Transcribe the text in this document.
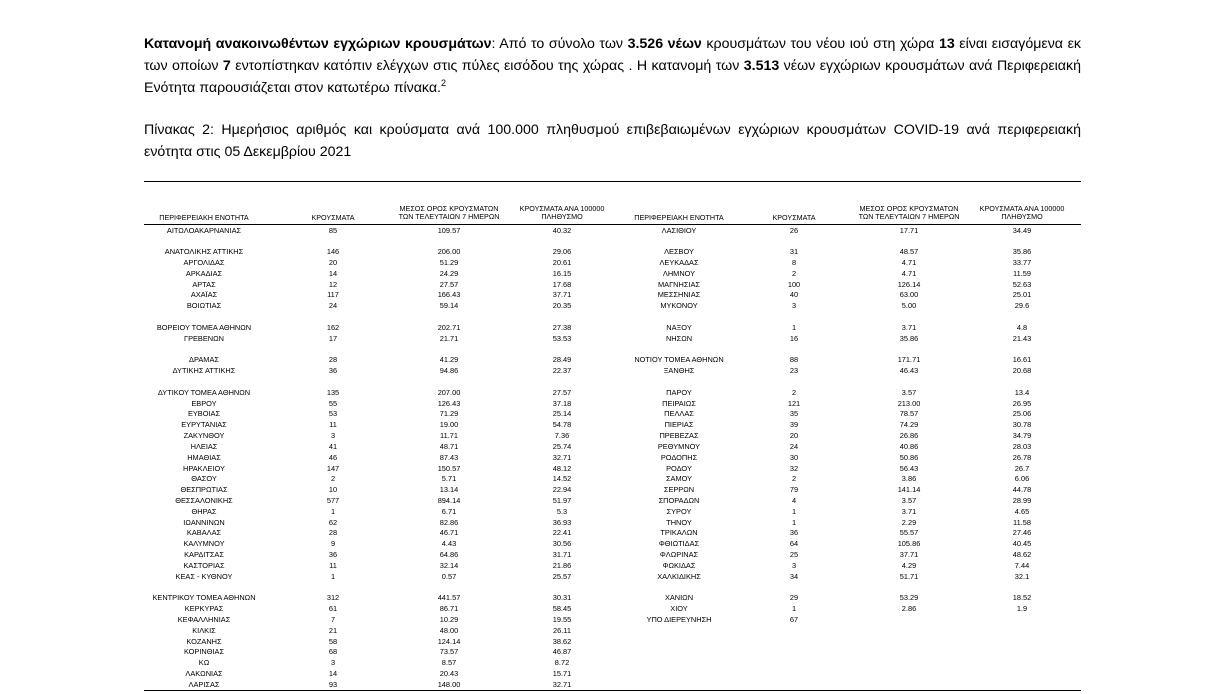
Κατανομή ανακοινωθέντων εγχώριων κρουσμάτων: Από το σύνολο των 3.526 νέων κρουσμάτων του νέου ιού στη χώρα 13 είναι εισαγόμενα εκ των οποίων 7 εντοπίστηκαν κατόπιν ελέγχων στις πύλες εισόδου της χώρας . Η κατανομή των 3.513 νέων εγχώριων κρουσμάτων ανά Περιφερειακή Ενότητα παρουσιάζεται στον κατωτέρω πίνακα.$^2$

Πίνακας 2: Ημερήσιος αριθμός και κρούσματα ανά 100.000 πληθυσμού επιβεβαιωμένων εγχώριων κρουσμάτων COVID-19 ανά περιφερειακή ενότητα στις 05 Δεκεμβρίου 2021

ΠΕΡΙΦΕΡΕΙΑΚΗ ΕΝΟΤΗΤΑ	ΚΡΟΥΣΜΑΤΑ
ΜΕΣΟΣ ΟΡΟΣ ΚΡΟΥΣΜΑΤΩΝ
ΤΩΝ ΤΕΛΕΥΤΑΙΩΝ 7 ΗΜΕΡΩΝ
ΚΡΟΥΣΜΑΤΑ ΑΝΑ 100000
ΠΛΗΘΥΣΜΟ	ΠΕΡΙΦΕΡΕΙΑΚΗ ΕΝΟΤΗΤΑ	ΚΡΟΥΣΜΑΤΑ
ΜΕΣΟΣ ΟΡΟΣ ΚΡΟΥΣΜΑΤΩΝ
ΤΩΝ ΤΕΛΕΥΤΑΙΩΝ 7 ΗΜΕΡΩΝ
ΚΡΟΥΣΜΑΤΑ ΑΝΑ 100000
ΠΛΗΘΥΣΜΟ
ΑΙΤΩΛΟΑΚΑΡΝΑΝΙΑΣ	85	109.57	40.32
ΑΝΑΤΟΛΙΚΗΣ ΑΤΤΙΚΗΣ	146	206.00	29.06
ΑΡΓΟΛΙΔΑΣ	20	51.29	20.61
ΑΡΚΑΔΙΑΣ	14	24.29	16.15
ΑΡΤΑΣ	12	27.57	17.68
ΑΧΑΪΑΣ	117	166.43	37.71
ΒΟΙΩΤΙΑΣ	24	59.14	20.35
ΒΟΡΕΙΟΥ ΤΟΜΕΑ ΑΘΗΝΩΝ	162	202.71	27.38
ΓΡΕΒΕΝΩΝ	17	21.71	53.53
ΔΡΑΜΑΣ	28	41.29	28.49
ΔΥΤΙΚΗΣ ΑΤΤΙΚΗΣ	36	94.86	22.37
ΔΥΤΙΚΟΥ ΤΟΜΕΑ ΑΘΗΝΩΝ	135	207.00	27.57
ΕΒΡΟΥ	55	126.43	37.18
ΕΥΒΟΙΑΣ	53	71.29	25.14
ΕΥΡΥΤΑΝΙΑΣ	11	19.00	54.78
ΖΑΚΥΝΘΟΥ	3	11.71	7.36
ΗΛΕΙΑΣ	41	48.71	25.74
ΗΜΑΘΙΑΣ	46	87.43	32.71
ΗΡΑΚΛΕΙΟΥ	147	150.57	48.12
ΘΑΣΟΥ	2	5.71	14.52
ΘΕΣΠΡΩΤΙΑΣ	10	13.14	22.94
ΘΕΣΣΑΛΟΝΙΚΗΣ	577	894.14	51.97
ΘΗΡΑΣ	1	6.71	5.3
ΙΩΑΝΝΙΝΩΝ	62	82.86	36.93
ΚΑΒΑΛΑΣ	28	46.71	22.41
ΚΑΛΥΜΝΟΥ	9	4.43	30.56
ΚΑΡΔΙΤΣΑΣ	36	64.86	31.71
ΚΑΣΤΟΡΙΑΣ	11	32.14	21.86
ΚΕΑΣ - ΚΥΘΝΟΥ	1	0.57	25.57
ΚΕΝΤΡΙΚΟΥ ΤΟΜΕΑ ΑΘΗΝΩΝ	312	441.57	30.31
ΚΕΡΚΥΡΑΣ	61	86.71	58.45
ΚΕΦΑΛΛΗΝΙΑΣ	7	10.29	19.55
ΚΙΛΚΙΣ	21	48.00	26.11
ΚΟΖΑΝΗΣ	58	124.14	38.62
ΚΟΡΙΝΘΙΑΣ	68	73.57	46.87
ΚΩ	3	8.57	8.72
ΛΑΚΩΝΙΑΣ	14	20.43	15.71
ΛΑΡΙΣΑΣ	93	148.00	32.71
ΛΑΣΙΘΙΟΥ	26	17.71	34.49
ΛΕΣΒΟΥ	31	48.57	35.86
ΛΕΥΚΑΔΑΣ	8	4.71	33.77
ΛΗΜΝΟΥ	2	4.71	11.59
ΜΑΓΝΗΣΙΑΣ	100	126.14	52.63
ΜΕΣΣΗΝΙΑΣ	40	63.00	25.01
ΜΥΚΟΝΟΥ	3	5.00	29.6
ΝΑΞΟΥ	1	3.71	4.8
ΝΗΣΩΝ	16	35.86	21.43
ΝΟΤΙΟΥ ΤΟΜΕΑ ΑΘΗΝΩΝ	88	171.71	16.61
ΞΑΝΘΗΣ	23	46.43	20.68
ΠΑΡΟΥ	2	3.57	13.4
ΠΕΙΡΑΙΩΣ	121	213.00	26.95
ΠΕΛΛΑΣ	35	78.57	25.06
ΠΙΕΡΙΑΣ	39	74.29	30.78
ΠΡΕΒΕΖΑΣ	20	26.86	34.79
ΡΕΘΥΜΝΟΥ	24	40.86	28.03
ΡΟΔΟΠΗΣ	30	50.86	26.78
ΡΟΔΟΥ	32	56.43	26.7
ΣΑΜΟΥ	2	3.86	6.06
ΣΕΡΡΩΝ	79	141.14	44.78
ΣΠΟΡΑΔΩΝ	4	3.57	28.99
ΣΥΡΟΥ	1	3.71	4.65
ΤΗΝΟΥ	1	2.29	11.58
ΤΡΙΚΑΛΩΝ	36	55.57	27.46
ΦΘΙΩΤΙΔΑΣ	64	105.86	40.45
ΦΛΩΡΙΝΑΣ	25	37.71	48.62
ΦΩΚΙΔΑΣ	3	4.29	7.44
ΧΑΛΚΙΔΙΚΗΣ	34	51.71	32.1
ΧΑΝΙΩΝ	29	53.29	18.52
ΧΙΟΥ	1	2.86	1.9
ΥΠΟ ΔΙΕΡΕΥΝΗΣΗ	67
